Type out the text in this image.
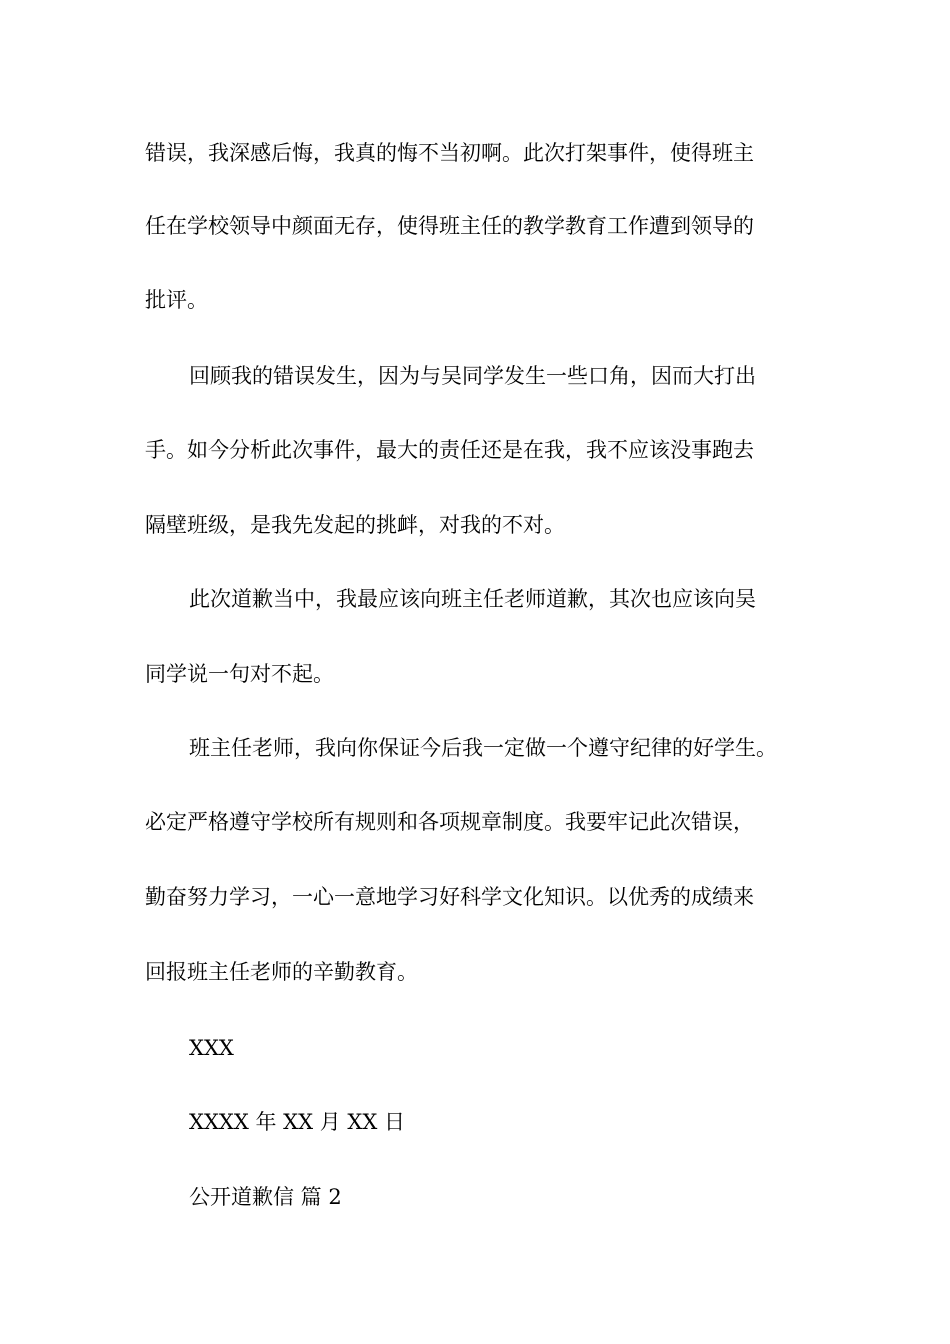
错误，我深感后悔，我真的悔不当初啊。此次打架事件，使得班主
任在学校领导中颜面无存，使得班主任的教学教育工作遭到领导的
批评。
回顾我的错误发生，因为与吴同学发生一些口角，因而大打出
手。如今分析此次事件，最大的责任还是在我，我不应该没事跑去
隔壁班级，是我先发起的挑衅，对我的不对。
此次道歉当中，我最应该向班主任老师道歉，其次也应该向吴
同学说一句对不起。
班主任老师，我向你保证今后我一定做一个遵守纪律的好学生。
必定严格遵守学校所有规则和各项规章制度。我要牢记此次错误，
勤奋努力学习，一心一意地学习好科学文化知识。以优秀的成绩来
回报班主任老师的辛勤教育。
XXX
XXXX 年 XX 月 XX 日
公开道歉信 篇 2
